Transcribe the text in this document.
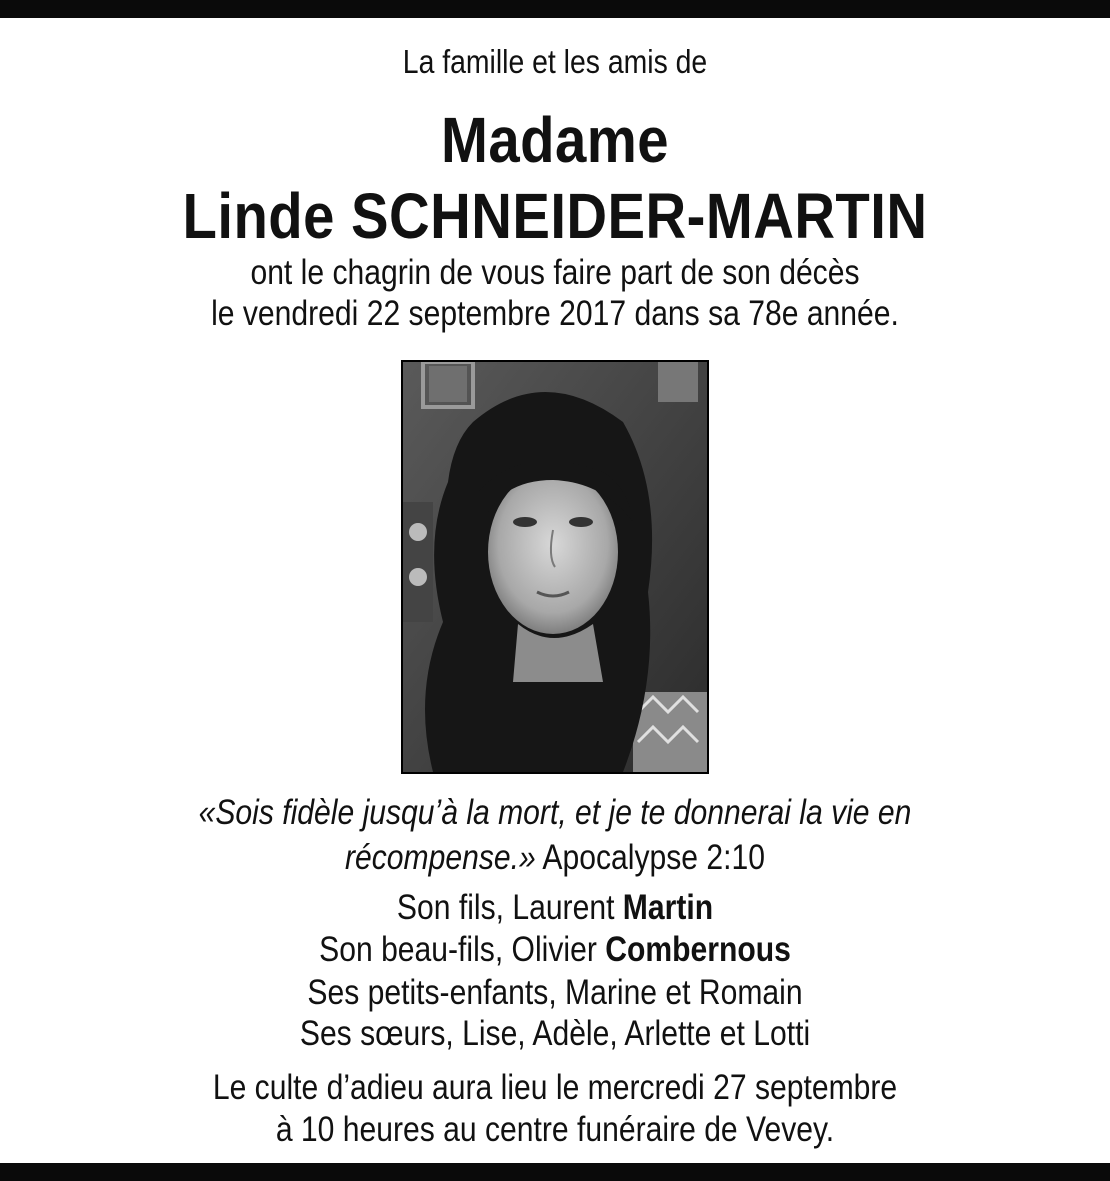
La famille et les amis de
Madame
Linde SCHNEIDER-MARTIN
ont le chagrin de vous faire part de son décès
le vendredi 22 septembre 2017 dans sa 78e année.
«Sois fidèle jusqu’à la mort, et je te donnerai la vie en
récompense.» Apocalypse 2:10
Son fils, Laurent Martin
Son beau-fils, Olivier Combernous
Ses petits-enfants, Marine et Romain
Ses sœurs, Lise, Adèle, Arlette et Lotti
Le culte d’adieu aura lieu le mercredi 27 septembre
à 10 heures au centre funéraire de Vevey.
